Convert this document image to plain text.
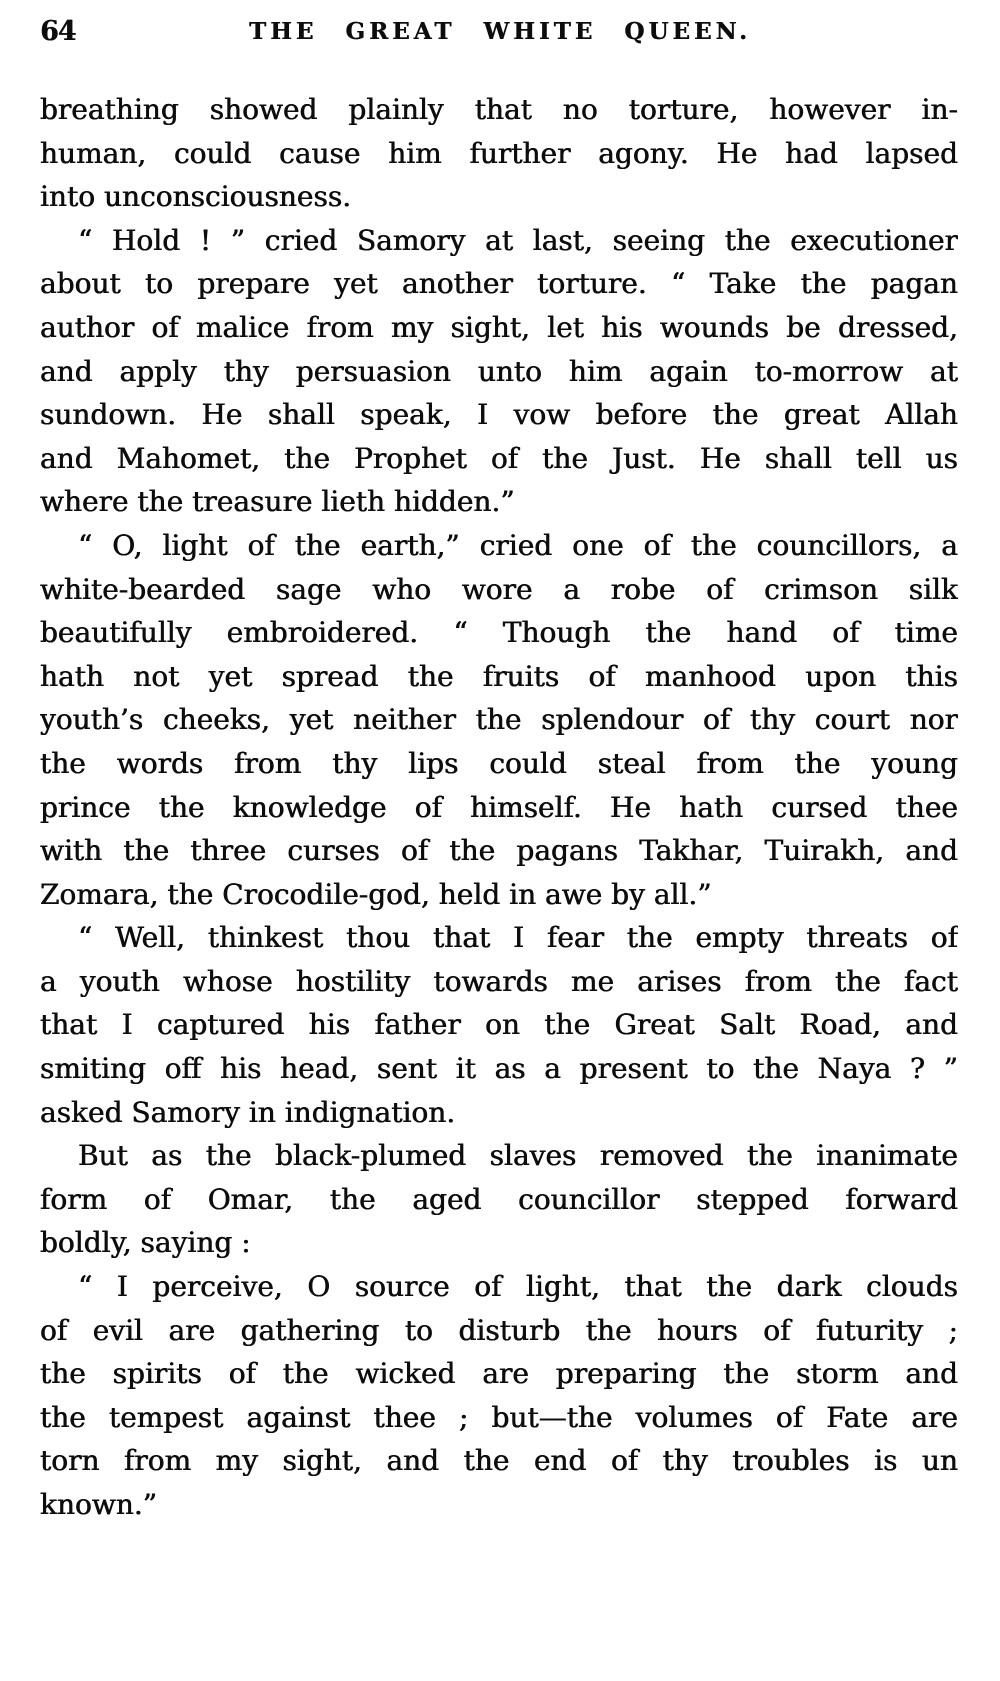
64	THE GREAT WHITE QUEEN.
breathing showed plainly that no torture, however in-
human, could cause him further agony. He had lapsed
into unconsciousness.
“ Hold ! ” cried Samory at last, seeing the executioner
about to prepare yet another torture. “ Take the pagan
author of malice from my sight, let his wounds be dressed,
and apply thy persuasion unto him again to-morrow at
sundown. He shall speak, I vow before the great Allah
and Mahomet, the Prophet of the Just. He shall tell us
where the treasure lieth hidden.”
“ O, light of the earth,” cried one of the councillors, a
white-bearded sage who wore a robe of crimson silk
beautifully embroidered. “ Though the hand of time
hath not yet spread the fruits of manhood upon this
youth’s cheeks, yet neither the splendour of thy court nor
the words from thy lips could steal from the young
prince the knowledge of himself. He hath cursed thee
with the three curses of the pagans Takhar, Tuirakh, and
Zomara, the Crocodile-god, held in awe by all.”
“ Well, thinkest thou that I fear the empty threats of
a youth whose hostility towards me arises from the fact
that I captured his father on the Great Salt Road, and
smiting off his head, sent it as a present to the Naya ? ”
asked Samory in indignation.
But as the black-plumed slaves removed the inanimate
form of Omar, the aged councillor stepped forward
boldly, saying :
“ I perceive, O source of light, that the dark clouds
of evil are gathering to disturb the hours of futurity ;
the spirits of the wicked are preparing the storm and
the tempest against thee ; but—the volumes of Fate are
torn from my sight, and the end of thy troubles is un
known.”
